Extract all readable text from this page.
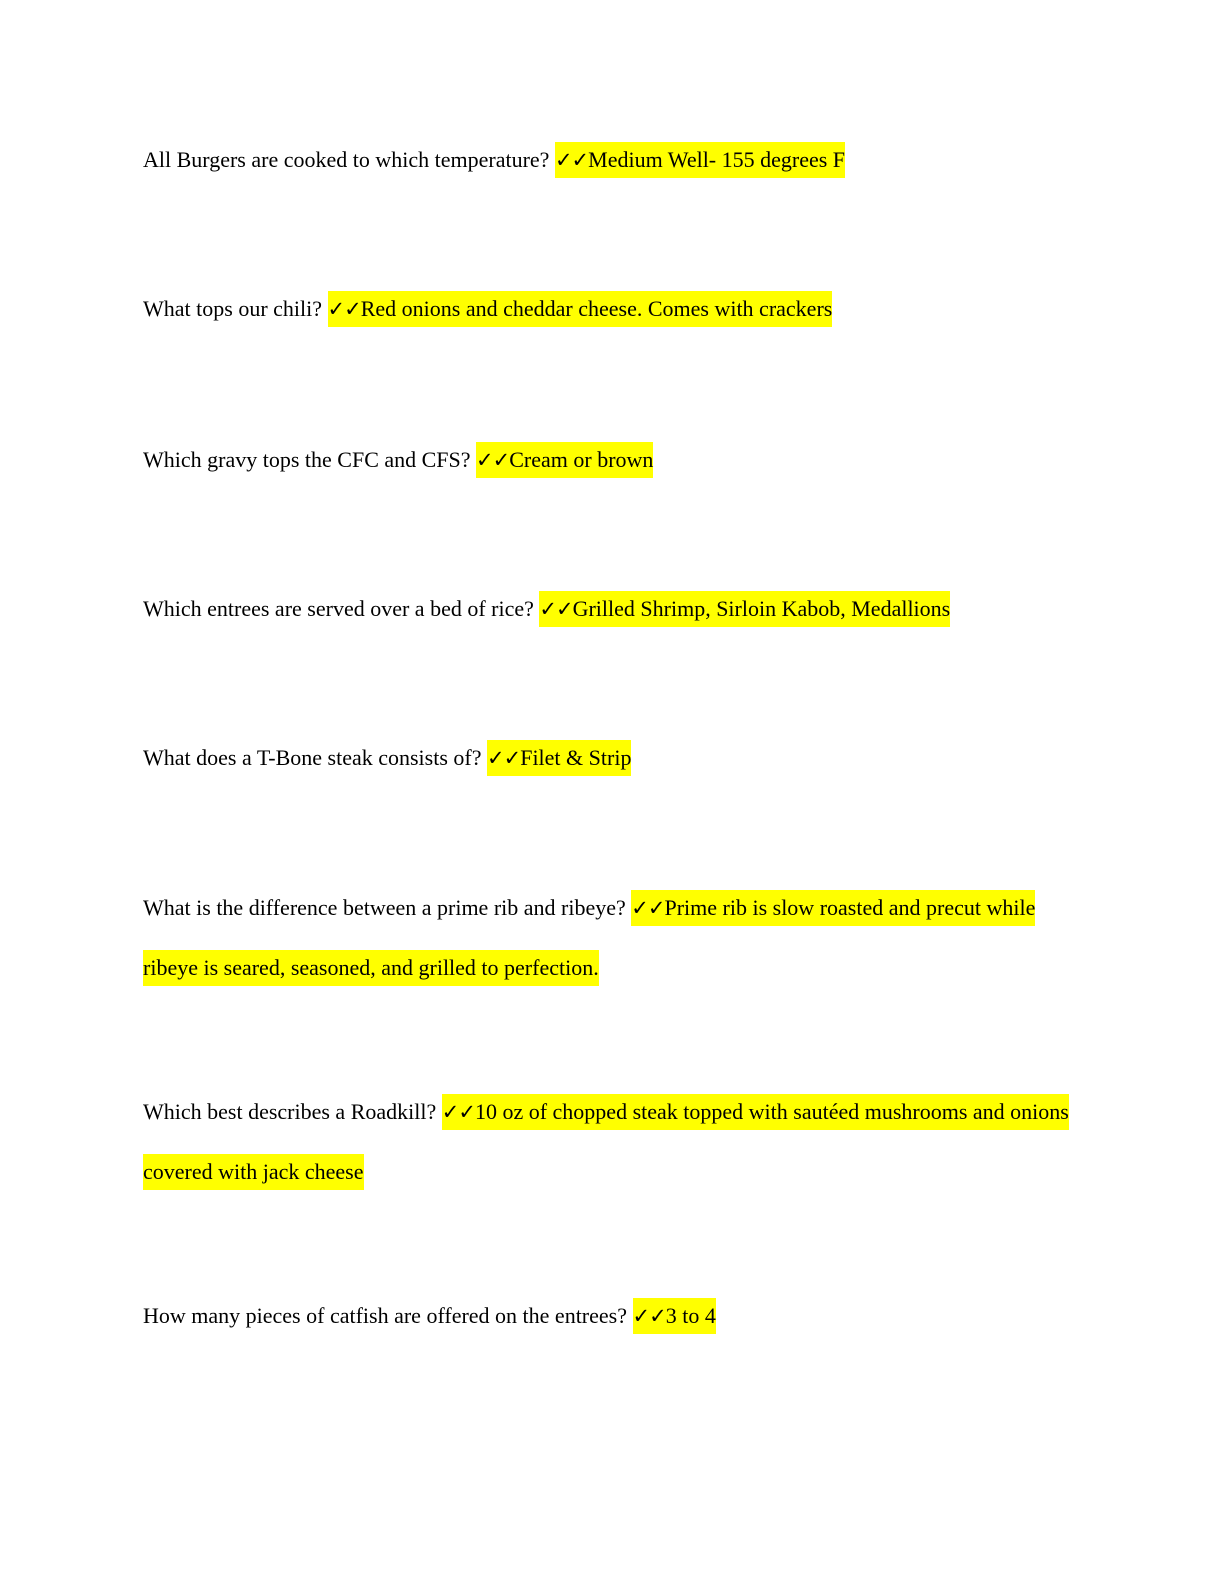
All Burgers are cooked to which temperature? ✓✓Medium Well- 155 degrees F

What tops our chili? ✓✓Red onions and cheddar cheese. Comes with crackers

Which gravy tops the CFC and CFS? ✓✓Cream or brown

Which entrees are served over a bed of rice? ✓✓Grilled Shrimp, Sirloin Kabob, Medallions

What does a T-Bone steak consists of? ✓✓Filet & Strip

What is the difference between a prime rib and ribeye? ✓✓Prime rib is slow roasted and precut while ribeye is seared, seasoned, and grilled to perfection.

Which best describes a Roadkill? ✓✓10 oz of chopped steak topped with sautéed mushrooms and onions covered with jack cheese

How many pieces of catfish are offered on the entrees? ✓✓3 to 4
